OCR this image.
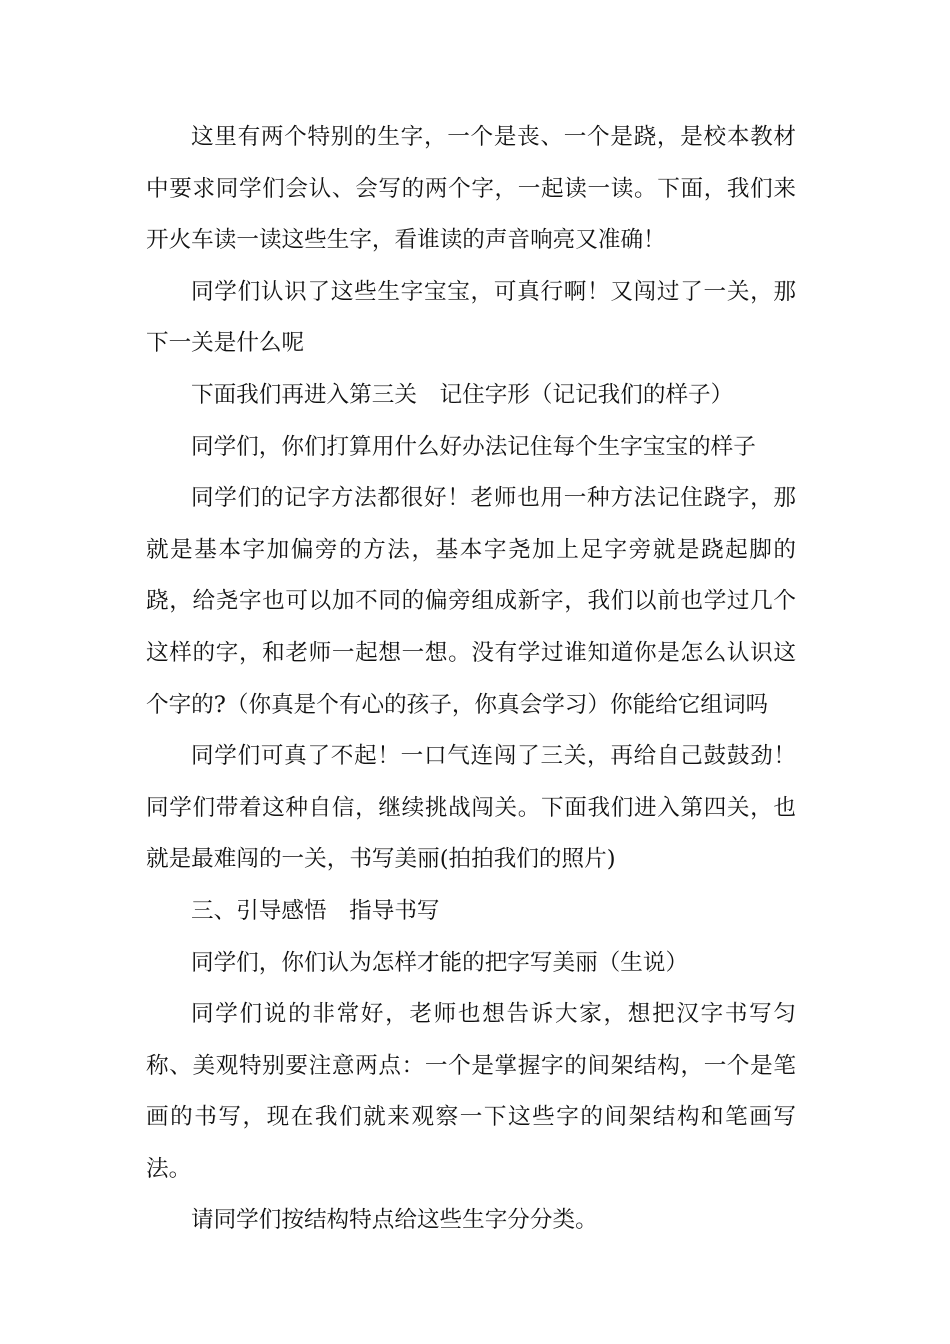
这里有两个特别的生字，一个是丧、一个是跷，是校本教材中要求同学们会认、会写的两个字，一起读一读。下面，我们来开火车读一读这些生字，看谁读的声音响亮又准确！

同学们认识了这些生字宝宝，可真行啊！又闯过了一关，那下一关是什么呢

下面我们再进入第三关　记住字形（记记我们的样子）

同学们，你们打算用什么好办法记住每个生字宝宝的样子

同学们的记字方法都很好！老师也用一种方法记住跷字，那就是基本字加偏旁的方法，基本字尧加上足字旁就是跷起脚的跷，给尧字也可以加不同的偏旁组成新字，我们以前也学过几个这样的字，和老师一起想一想。没有学过谁知道你是怎么认识这个字的?（你真是个有心的孩子，你真会学习）你能给它组词吗

同学们可真了不起！一口气连闯了三关，再给自己鼓鼓劲！同学们带着这种自信，继续挑战闯关。下面我们进入第四关，也就是最难闯的一关，书写美丽(拍拍我们的照片)

三、引导感悟　指导书写

同学们，你们认为怎样才能的把字写美丽（生说）

同学们说的非常好，老师也想告诉大家，想把汉字书写匀称、美观特别要注意两点：一个是掌握字的间架结构，一个是笔画的书写，现在我们就来观察一下这些字的间架结构和笔画写法。

请同学们按结构特点给这些生字分分类。
